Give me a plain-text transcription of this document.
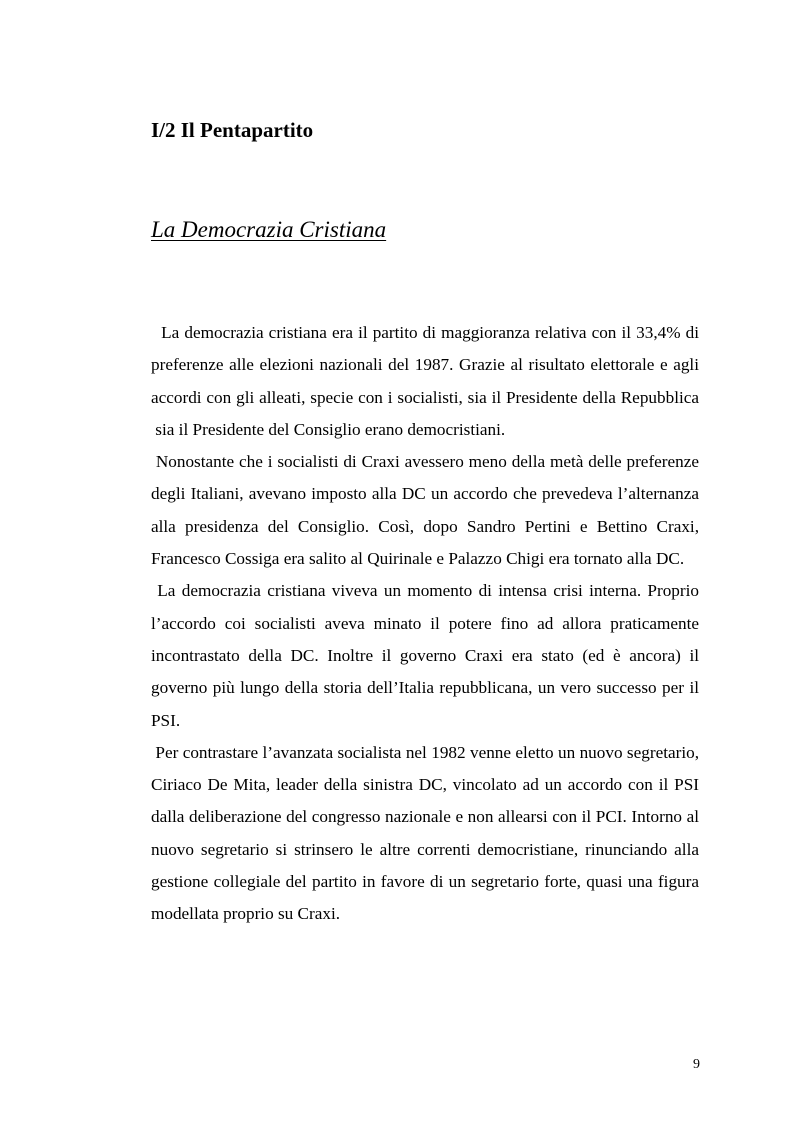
I/2 Il Pentapartito
La Democrazia Cristiana

La democrazia cristiana era il partito di maggioranza relativa con il 33,4% di preferenze alle elezioni nazionali del 1987. Grazie al risultato elettorale e agli accordi con gli alleati, specie con i socialisti, sia il Presidente della Repubblica  sia il Presidente del Consiglio erano democristiani.

Nonostante che i socialisti di Craxi avessero meno della metà delle preferenze degli Italiani, avevano imposto alla DC un accordo che prevedeva l’alternanza alla presidenza del Consiglio. Così, dopo Sandro Pertini e Bettino Craxi, Francesco Cossiga era salito al Quirinale e Palazzo Chigi era tornato alla DC.

La democrazia cristiana viveva un momento di intensa crisi interna. Proprio l’accordo coi socialisti aveva minato il potere fino ad allora praticamente incontrastato della DC. Inoltre il governo Craxi era stato (ed è ancora) il governo più lungo della storia dell’Italia repubblicana, un vero successo per il PSI.

Per contrastare l’avanzata socialista nel 1982 venne eletto un nuovo segretario, Ciriaco De Mita, leader della sinistra DC, vincolato ad un accordo con il PSI dalla deliberazione del congresso nazionale e non allearsi con il PCI. Intorno al nuovo segretario si strinsero le altre correnti democristiane, rinunciando alla gestione collegiale del partito in favore di un segretario forte, quasi una figura modellata proprio su Craxi.

9
